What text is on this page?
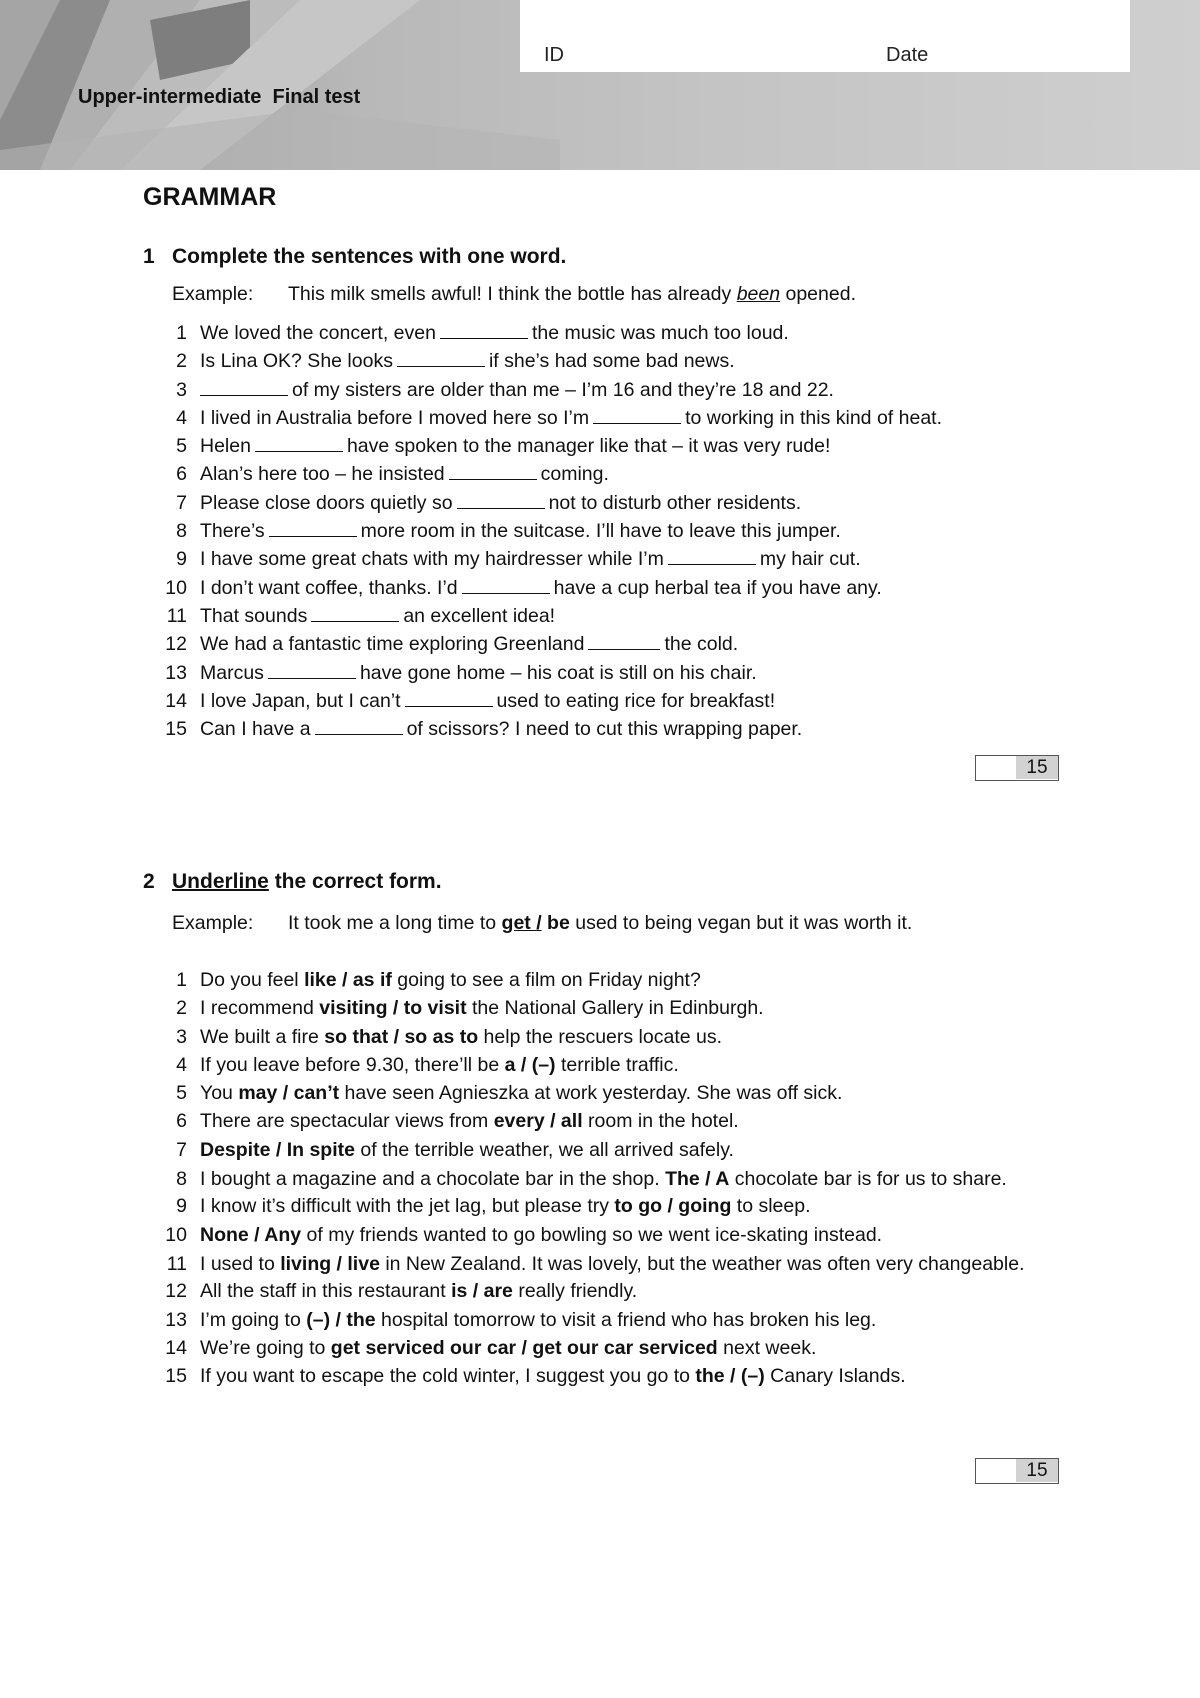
ID	Date
Upper-intermediate  Final test
GRAMMAR
1 Complete the sentences with one word.
Example: This milk smells awful! I think the bottle has already been opened.
1 We loved the concert, even	the music was much too loud.
2 Is Lina OK? She looks	if she’s had some bad news.
3	of my sisters are older than me – I’m 16 and they’re 18 and 22.
4 I lived in Australia before I moved here so I’m	to working in this kind of heat.
5 Helen	have spoken to the manager like that – it was very rude!
6 Alan’s here too – he insisted	coming.
7 Please close doors quietly so	not to disturb other residents.
8 There’s	more room in the suitcase. I’ll have to leave this jumper.
9 I have some great chats with my hairdresser while I’m	my hair cut.
10 I don’t want coffee, thanks. I’d	have a cup herbal tea if you have any.
11 That sounds	an excellent idea!
12 We had a fantastic time exploring Greenland	the cold.
13 Marcus	have gone home – his coat is still on his chair.
14 I love Japan, but I can’t	used to eating rice for breakfast!
15 Can I have a	of scissors? I need to cut this wrapping paper.
15
2 Underline the correct form.
Example: It took me a long time to get / be used to being vegan but it was worth it.
1 Do you feel like / as if going to see a film on Friday night?
2 I recommend visiting / to visit the National Gallery in Edinburgh.
3 We built a fire so that / so as to help the rescuers locate us.
4 If you leave before 9.30, there’ll be a / (–) terrible traffic.
5 You may / can’t have seen Agnieszka at work yesterday. She was off sick.
6 There are spectacular views from every / all room in the hotel.
7 Despite / In spite of the terrible weather, we all arrived safely.
8 I bought a magazine and a chocolate bar in the shop. The / A chocolate bar is for us to share.
9 I know it’s difficult with the jet lag, but please try to go / going to sleep.
10 None / Any of my friends wanted to go bowling so we went ice-skating instead.
11 I used to living / live in New Zealand. It was lovely, but the weather was often very changeable.
12 All the staff in this restaurant is / are really friendly.
13 I’m going to (–) / the hospital tomorrow to visit a friend who has broken his leg.
14 We’re going to get serviced our car / get our car serviced next week.
15 If you want to escape the cold winter, I suggest you go to the / (–) Canary Islands.
15
